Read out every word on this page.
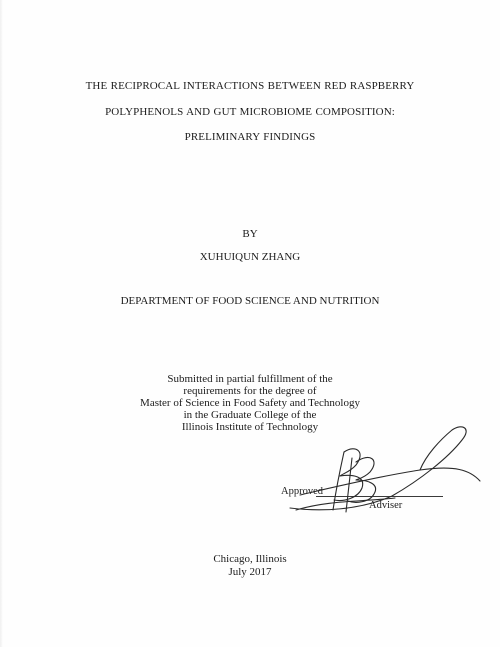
THE RECIPROCAL INTERACTIONS BETWEEN RED RASPBERRY
POLYPHENOLS AND GUT MICROBIOME COMPOSITION:
PRELIMINARY FINDINGS
BY
XUHUIQUN ZHANG
DEPARTMENT OF FOOD SCIENCE AND NUTRITION
Submitted in partial fulfillment of the
requirements for the degree of
Master of Science in Food Safety and Technology
in the Graduate College of the
Illinois Institute of Technology
Approved
Adviser
Chicago, Illinois
July 2017
